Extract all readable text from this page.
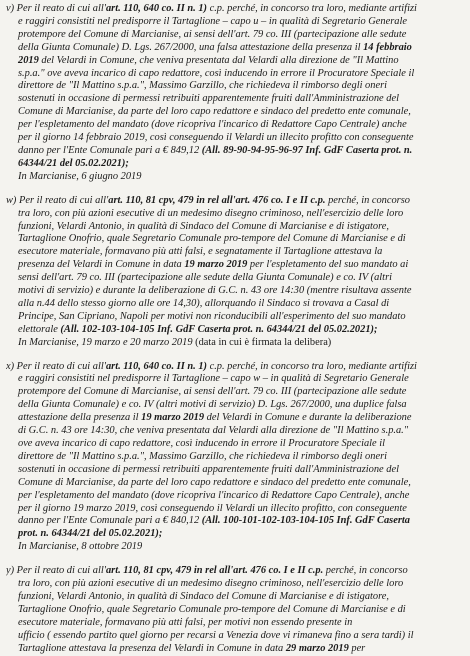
v) Per il reato di cui all'art. 110, 640 co. II n. 1) c.p. perché, in concorso tra loro, mediante artifizi
e raggiri consistiti nel predisporre il Tartaglione – capo u – in qualità di Segretario Generale
protempore del Comune di Marcianise, ai sensi dell'art. 79 co. III (partecipazione alle sedute
della Giunta Comunale) D. Lgs. 267/2000, una falsa attestazione della presenza il 14 febbraio
2019 del Velardi in Comune, che veniva presentata dal Velardi alla direzione de "Il Mattino
s.p.a." ove aveva incarico di capo redattore, così inducendo in errore il Procuratore Speciale il
direttore de "Il Mattino s.p.a.", Massimo Garzillo, che richiedeva il rimborso degli oneri
sostenuti in occasione di permessi retribuiti apparentemente fruiti dall'Amministrazione del
Comune di Marcianise, da parte del loro capo redattore e sindaco del predetto ente comunale,
per l'espletamento del mandato (dove ricopriva l'incarico di Redattore Capo Centrale) anche
per il giorno 14 febbraio 2019, così conseguendo il Velardi un illecito profitto con conseguente
danno per l'Ente Comunale pari a € 849,12 (All. 89-90-94-95-96-97 Inf. GdF Caserta prot. n.
64344/21 del 05.02.2021);
In Marcianise, 6 giugno 2019
w) Per il reato di cui all'art. 110, 81 cpv, 479 in rel all'art. 476 co. I e II c.p. perché, in concorso
tra loro, con più azioni esecutive di un medesimo disegno criminoso, nell'esercizio delle loro
funzioni, Velardi Antonio, in qualità di Sindaco del Comune di Marcianise e di istigatore,
Tartaglione Onofrio, quale Segretario Comunale pro-tempore del Comune di Marcianise e di
esecutore materiale, formavano più atti falsi, e segnatamente il Tartaglione attestava la
presenza del Velardi in Comune in data 19 marzo 2019 per l'espletamento del suo mandato ai
sensi dell'art. 79 co. III (partecipazione alle sedute della Giunta Comunale) e co. IV (altri
motivi di servizio) e durante la deliberazione di G.C. n. 43 ore 14:30 (mentre risultava assente
alla n.44 dello stesso giorno alle ore 14,30), allorquando il Sindaco si trovava a Casal di
Principe, San Cipriano, Napoli per motivi non riconducibili all'esperimento del suo mandato
elettorale (All. 102-103-104-105 Inf. GdF Caserta prot. n. 64344/21 del 05.02.2021);
In Marcianise, 19 marzo e 20 marzo 2019 (data in cui è firmata la delibera)
x) Per il reato di cui all'art. 110, 640 co. II n. 1) c.p. perché, in concorso tra loro, mediante artifizi
e raggiri consistiti nel predisporre il Tartaglione – capo w – in qualità di Segretario Generale
protempore del Comune di Marcianise, ai sensi dell'art. 79 co. III (partecipazione alle sedute
della Giunta Comunale) e co. IV (altri motivi di servizio) D. Lgs. 267/2000, una duplice falsa
attestazione della presenza il 19 marzo 2019 del Velardi in Comune e durante la deliberazione
di G.C. n. 43 ore 14:30, che veniva presentata dal Velardi alla direzione de "Il Mattino s.p.a."
ove aveva incarico di capo redattore, così inducendo in errore il Procuratore Speciale il
direttore de "Il Mattino s.p.a.", Massimo Garzillo, che richiedeva il rimborso degli oneri
sostenuti in occasione di permessi retribuiti apparentemente fruiti dall'Amministrazione del
Comune di Marcianise, da parte del loro capo redattore e sindaco del predetto ente comunale,
per l'espletamento del mandato (dove ricopriva l'incarico di Redattore Capo Centrale), anche
per il giorno 19 marzo 2019, così conseguendo il Velardi un illecito profitto, con conseguente
danno per l'Ente Comunale pari a € 840,12 (All. 100-101-102-103-104-105 Inf. GdF Caserta
prot. n. 64344/21 del 05.02.2021);
In Marcianise, 8 ottobre 2019
y) Per il reato di cui all'art. 110, 81 cpv, 479 in rel all'art. 476 co. I e II c.p. perché, in concorso
tra loro, con più azioni esecutive di un medesimo disegno criminoso, nell'esercizio delle loro
funzioni, Velardi Antonio, in qualità di Sindaco del Comune di Marcianise e di istigatore,
Tartaglione Onofrio, quale Segretario Comunale pro-tempore del Comune di Marcianise e di
esecutore materiale, formavano più atti falsi, per motivi non essendo presente in
ufficio ( essendo partito quel giorno per recarsi a Venezia dove vi rimaneva fino a sera tardi) il
Tartaglione attestava la presenza del Velardi in Comune in data 29 marzo 2019 per
